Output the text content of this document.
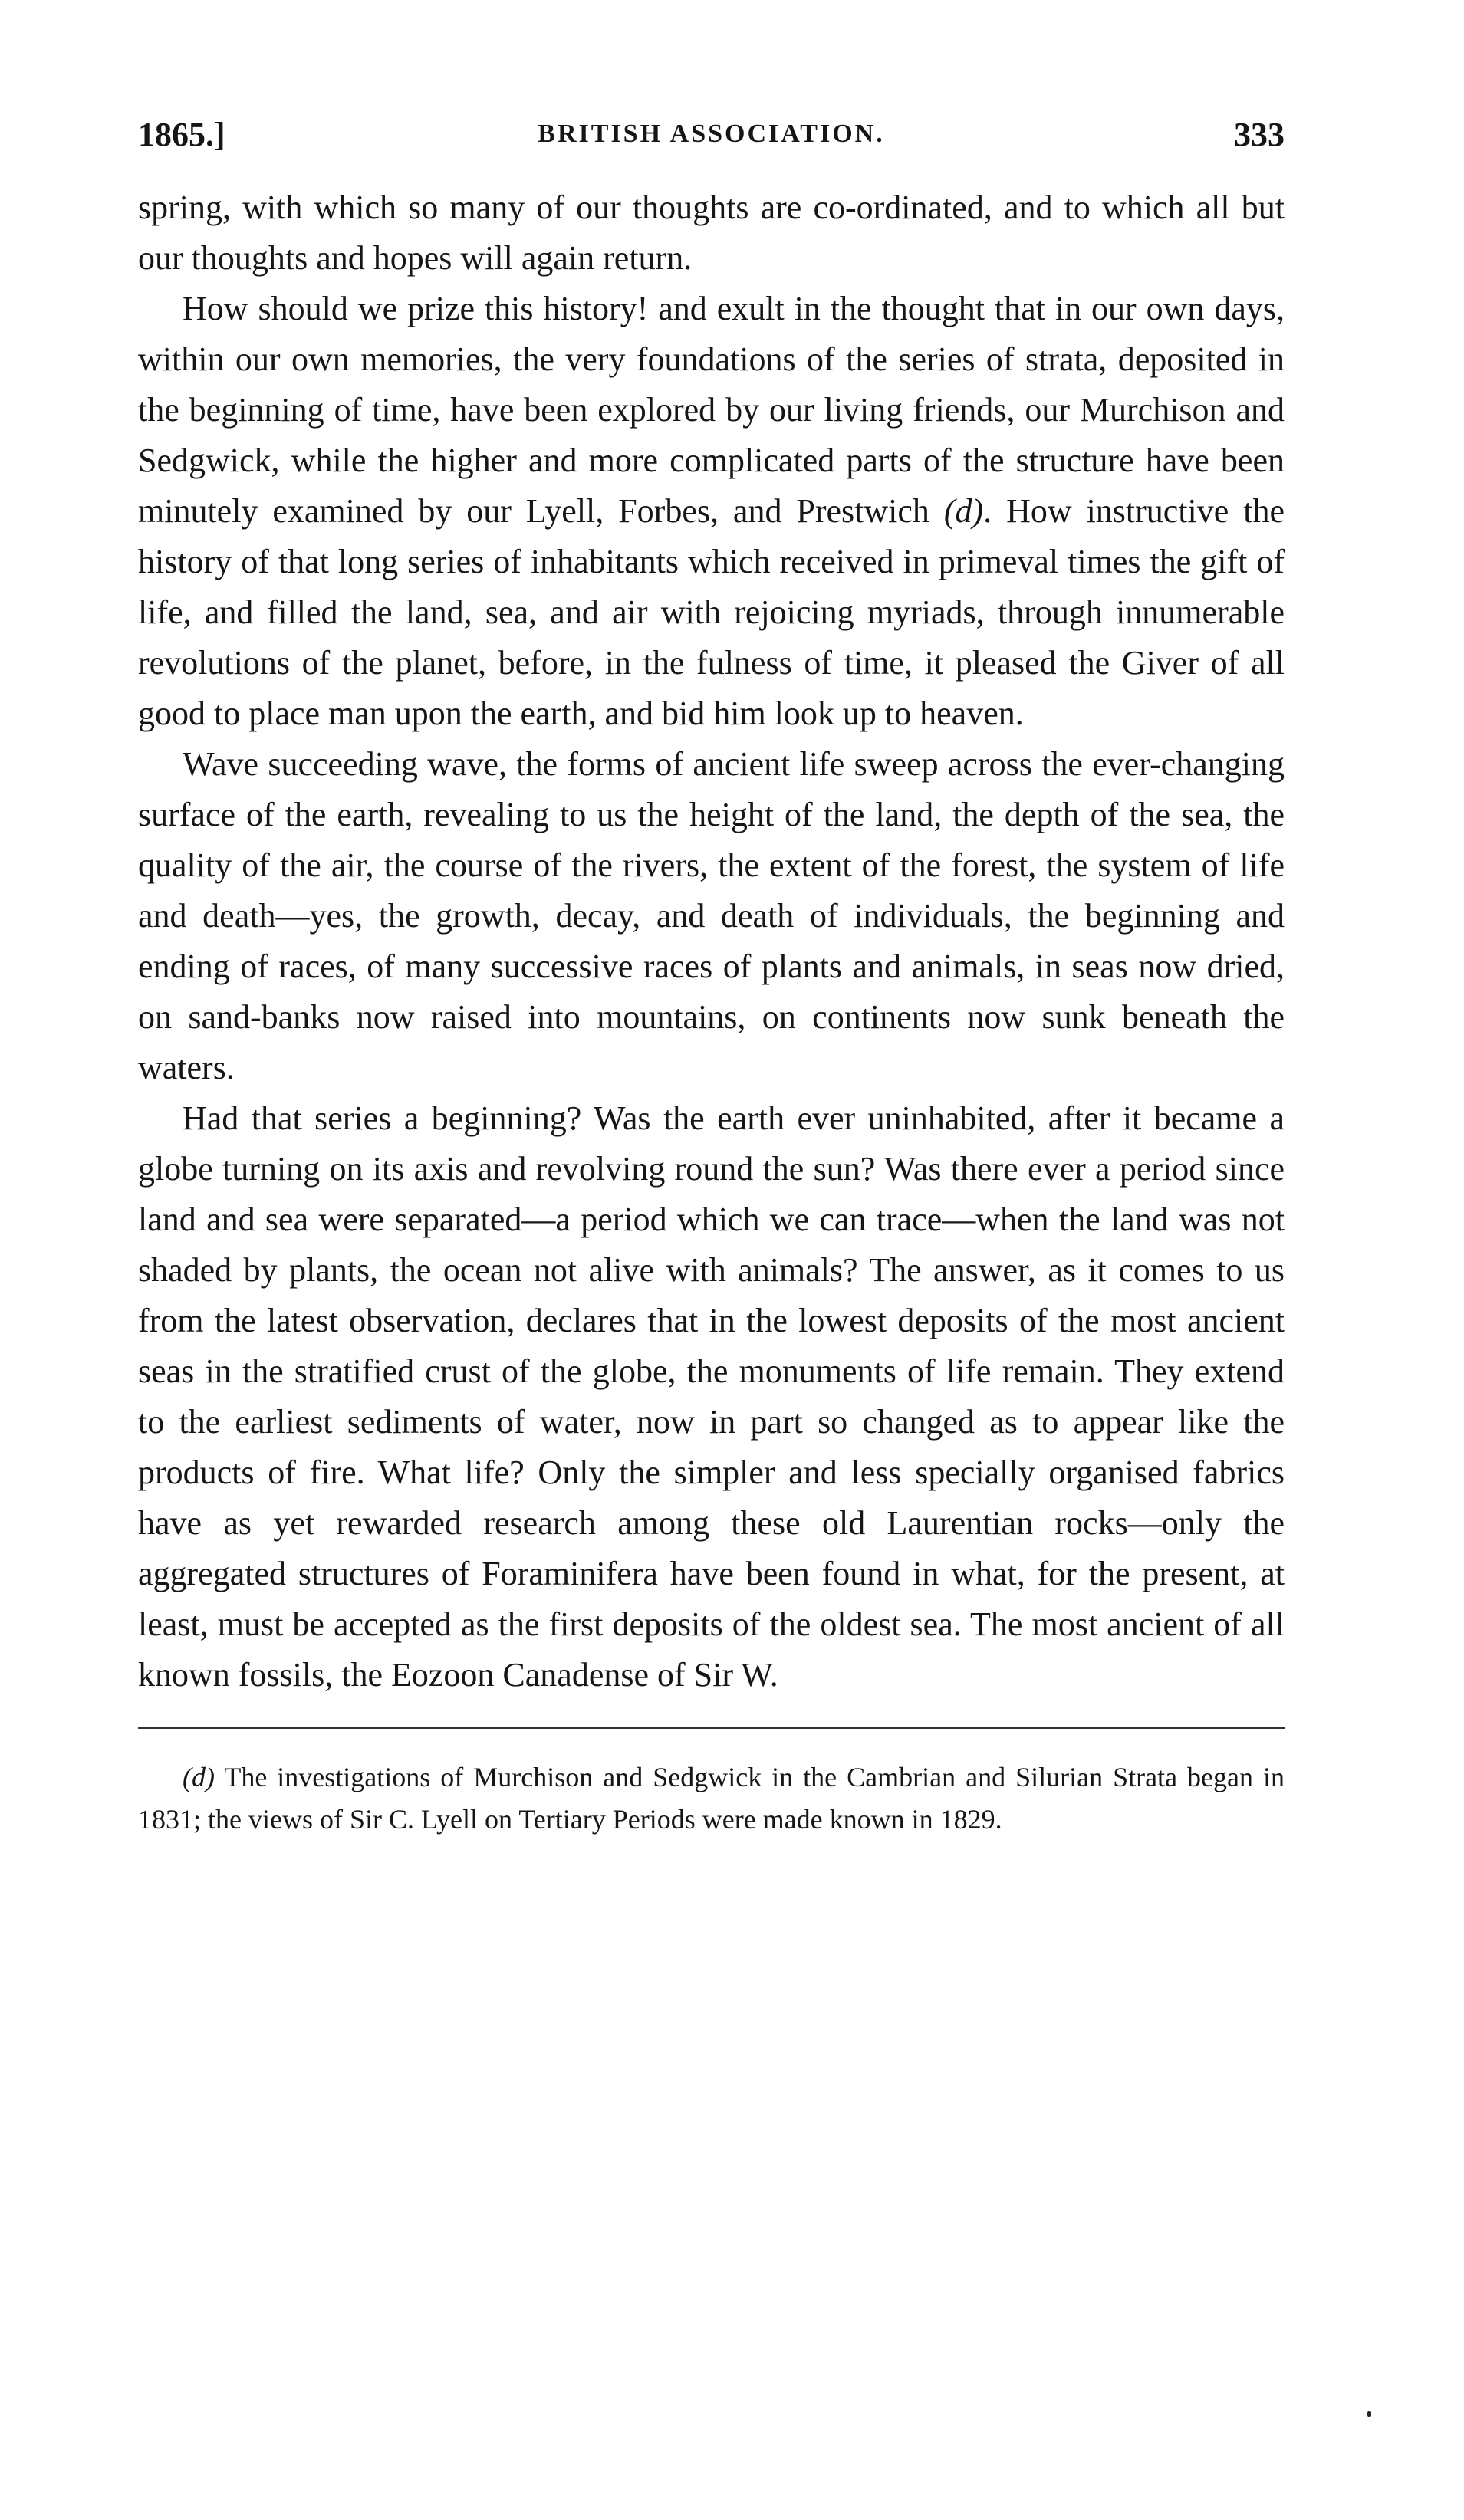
1865.]	BRITISH ASSOCIATION.	333

spring, with which so many of our thoughts are co-ordinated, and to which all but our thoughts and hopes will again return.

How should we prize this history! and exult in the thought that in our own days, within our own memories, the very foundations of the series of strata, deposited in the beginning of time, have been explored by our living friends, our Murchison and Sedgwick, while the higher and more complicated parts of the structure have been minutely examined by our Lyell, Forbes, and Prestwich (d). How instructive the history of that long series of inhabitants which received in primeval times the gift of life, and filled the land, sea, and air with rejoicing myriads, through innumerable revolutions of the planet, before, in the fulness of time, it pleased the Giver of all good to place man upon the earth, and bid him look up to heaven.

Wave succeeding wave, the forms of ancient life sweep across the ever-changing surface of the earth, revealing to us the height of the land, the depth of the sea, the quality of the air, the course of the rivers, the extent of the forest, the system of life and death—yes, the growth, decay, and death of individuals, the beginning and ending of races, of many successive races of plants and animals, in seas now dried, on sand-banks now raised into mountains, on continents now sunk beneath the waters.

Had that series a beginning? Was the earth ever uninhabited, after it became a globe turning on its axis and revolving round the sun? Was there ever a period since land and sea were separated—a period which we can trace—when the land was not shaded by plants, the ocean not alive with animals? The answer, as it comes to us from the latest observation, declares that in the lowest deposits of the most ancient seas in the stratified crust of the globe, the monuments of life remain. They extend to the earliest sediments of water, now in part so changed as to appear like the products of fire. What life? Only the simpler and less specially organised fabrics have as yet rewarded research among these old Laurentian rocks—only the aggregated structures of Foraminifera have been found in what, for the present, at least, must be accepted as the first deposits of the oldest sea. The most ancient of all known fossils, the Eozoon Canadense of Sir W.

(d) The investigations of Murchison and Sedgwick in the Cambrian and Silurian Strata began in 1831; the views of Sir C. Lyell on Tertiary Periods were made known in 1829.
